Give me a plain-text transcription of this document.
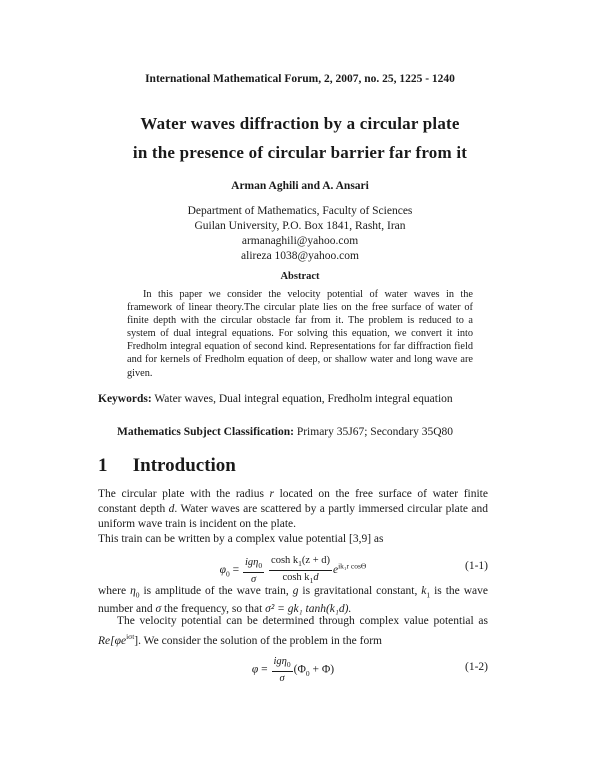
International Mathematical Forum, 2, 2007, no. 25, 1225 - 1240
Water waves diffraction by a circular plate
in the presence of circular barrier far from it
Arman Aghili and A. Ansari
Department of Mathematics, Faculty of Sciences
Guilan University, P.O. Box 1841, Rasht, Iran
armanaghili@yahoo.com
alireza 1038@yahoo.com
Abstract
In this paper we consider the velocity potential of water waves in the framework of linear theory.The circular plate lies on the free surface of water of finite depth with the circular obstacle far from it. The problem is reduced to a system of dual integral equations. For solving this equation, we convert it into Fredholm integral equation of second kind. Representations for far diffraction field and for kernels of Fredholm equation of deep, or shallow water and long wave are given.
Keywords: Water waves, Dual integral equation, Fredholm integral equation
Mathematics Subject Classification: Primary 35J67; Secondary 35Q80
1 Introduction
The circular plate with the radius r located on the free surface of water finite constant depth d. Water waves are scattered by a partly immersed circular plate and uniform wave train is incident on the plate.
This train can be written by a complex value potential [3,9] as
$\varphi_0 = \frac{ig\eta_0}{\sigma}$
$\frac{\cosh k_1(z + d)}{\cosh k_1d} e^{ik_1r cos\Theta}$	(1-1)
where $\eta_0$ is amplitude of the wave train, g is gravitational constant, $k_1$ is the wave number and σ the frequency, so that σ² = gk₁ tanh(k₁d).
The velocity potential can be determined through complex value potential as $Re[\varphi e^{i\sigma t}]$. We consider the solution of the problem in the form
$\varphi = \frac{ig\eta_0}{\sigma} (\Phi_0 + \Phi)$	(1-2)
